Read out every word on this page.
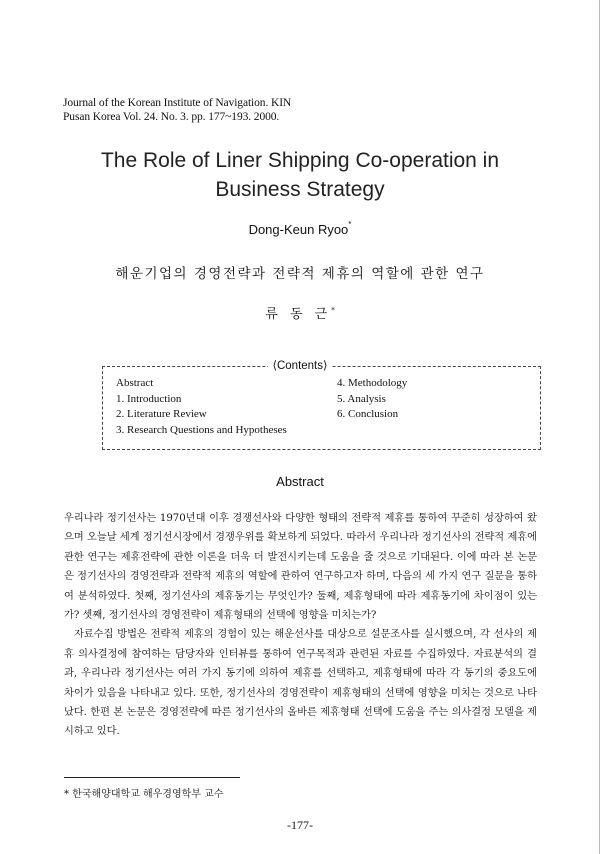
Journal of the Korean Institute of Navigation. KIN
Pusan Korea Vol. 24. No. 3. pp. 177~193. 2000.
The Role of Liner Shipping Co-operation in
Business Strategy
Dong-Keun Ryoo*
해운기업의 경영전략과 전략적 제휴의 역할에 관한 연구
류 동 근*
⟨Contents⟩
Abstract
1. Introduction
2. Literature Review
3. Research Questions and Hypotheses
4. Methodology
5. Analysis
6. Conclusion
Abstract

우리나라 정기선사는 1970년대 이후 경쟁선사와 다양한 형태의 전략적 제휴를 통하여 꾸준히 성장하여 왔으며 오늘날 세계 정기선시장에서 경쟁우위를 확보하게 되었다. 따라서 우리나라 정기선사의 전략적 제휴에 관한 연구는 제휴전략에 관한 이론을 더욱 더 발전시키는데 도움을 줄 것으로 기대된다. 이에 따라 본 논문은 정기선사의 경영전략과 전략적 제휴의 역할에 관하여 연구하고자 하며, 다음의 세 가지 연구 질문을 통하여 분석하였다. 첫째, 정기선사의 제휴동기는 무엇인가? 둘째, 제휴형태에 따라 제휴동기에 차이점이 있는가? 셋째, 정기선사의 경영전략이 제휴형태의 선택에 영향을 미치는가?

자료수집 방법은 전략적 제휴의 경험이 있는 해운선사를 대상으로 설문조사를 실시했으며, 각 선사의 제휴 의사결정에 참여하는 담당자와 인터뷰를 통하여 연구목적과 관련된 자료를 수집하였다. 자료분석의 결과, 우리나라 정기선사는 여러 가지 동기에 의하여 제휴를 선택하고, 제휴형태에 따라 각 동기의 중요도에 차이가 있음을 나타내고 있다. 또한, 정기선사의 경영전략이 제휴형태의 선택에 영향을 미치는 것으로 나타났다. 한편 본 논문은 경영전략에 따른 정기선사의 올바른 제휴형태 선택에 도움을 주는 의사결정 모델을 제시하고 있다.

* 한국해양대학교 해우경영학부 교수
-177-
